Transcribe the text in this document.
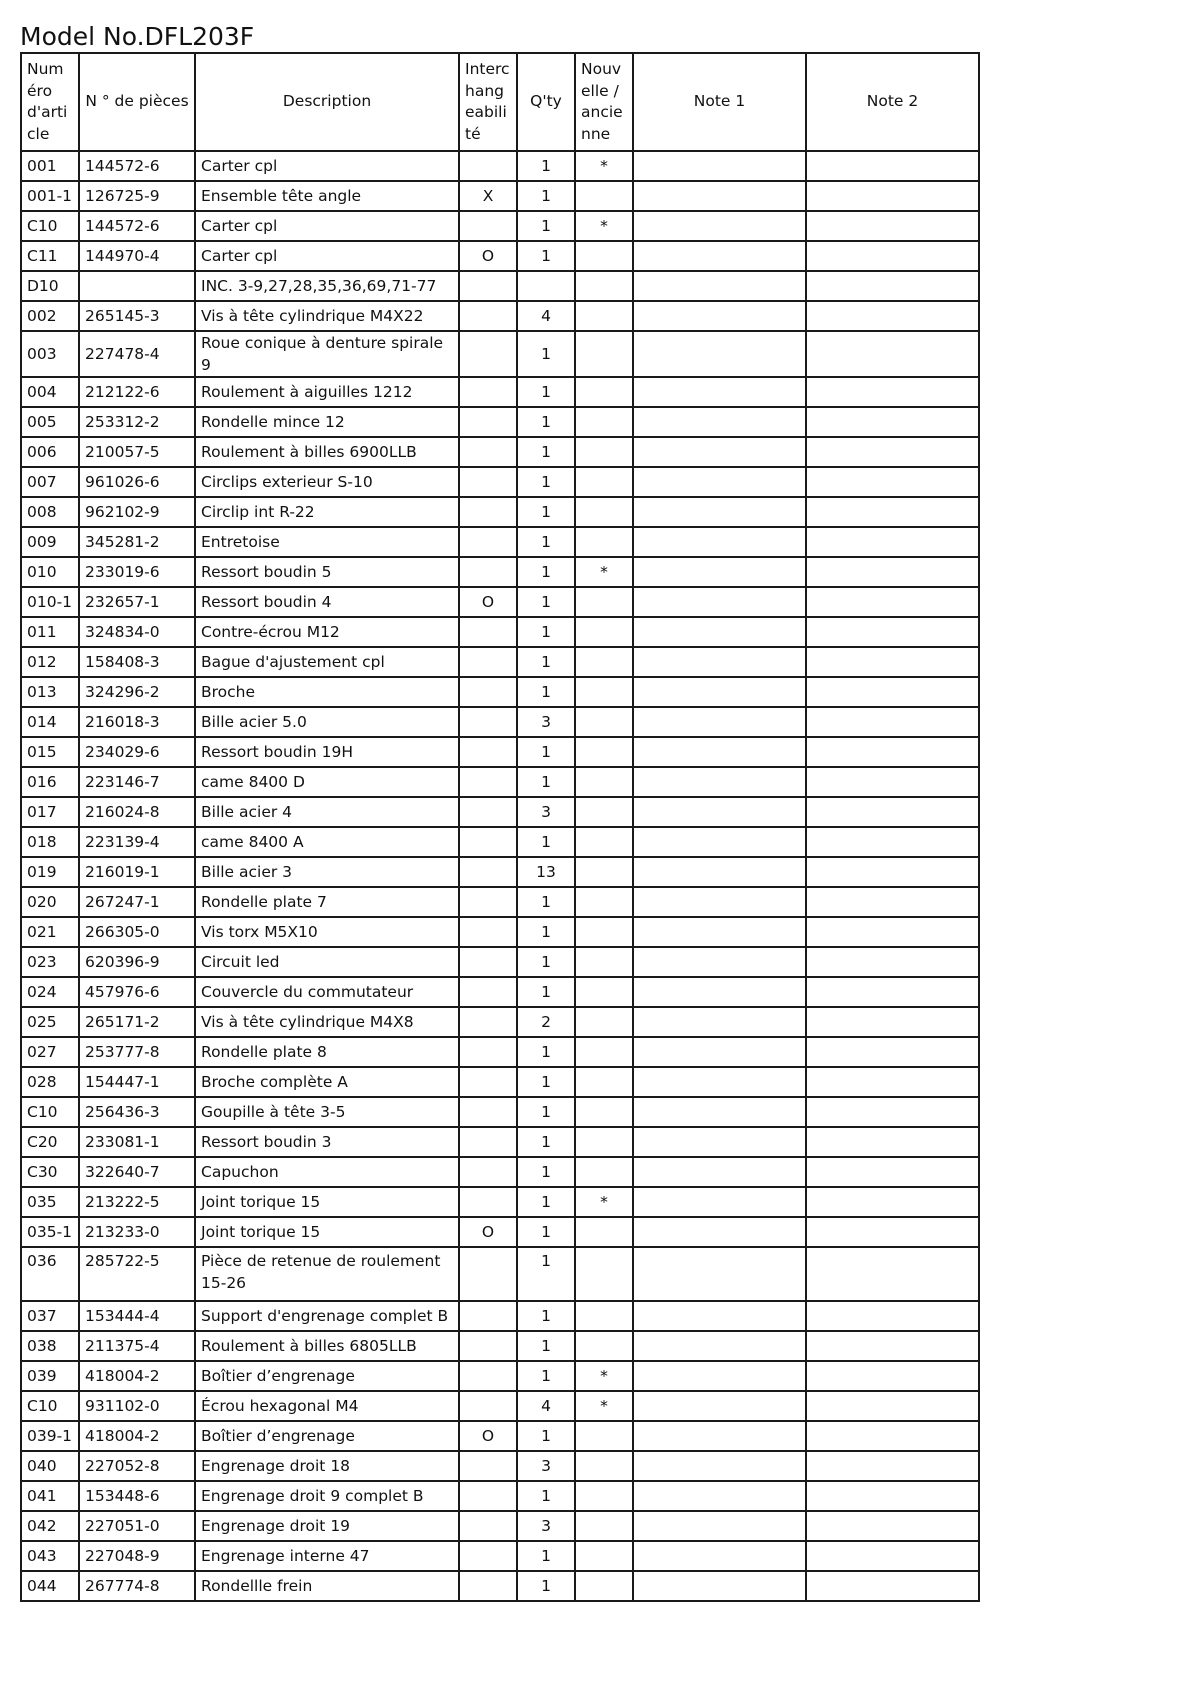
Model No.DFL203F
Numéro d'article	N ° de pièces	Description	Interchangeabilité	Q'ty	Nouvelle / ancienne	Note 1	Note 2
001	144572-6	Carter cpl		1	*		
001-1	126725-9	Ensemble tête angle	X	1			
C10	144572-6	Carter cpl		1	*		
C11	144970-4	Carter cpl	O	1			
D10		INC. 3-9,27,28,35,36,69,71-77					
002	265145-3	Vis à tête cylindrique M4X22		4			
003	227478-4	Roue conique à denture spirale 9		1			
004	212122-6	Roulement à aiguilles 1212		1			
005	253312-2	Rondelle mince 12		1			
006	210057-5	Roulement à billes 6900LLB		1			
007	961026-6	Circlips exterieur S-10		1			
008	962102-9	Circlip int R-22		1			
009	345281-2	Entretoise		1			
010	233019-6	Ressort boudin 5		1	*		
010-1	232657-1	Ressort boudin 4	O	1			
011	324834-0	Contre-écrou M12		1			
012	158408-3	Bague d'ajustement cpl		1			
013	324296-2	Broche		1			
014	216018-3	Bille acier 5.0		3			
015	234029-6	Ressort boudin 19H		1			
016	223146-7	came 8400 D		1			
017	216024-8	Bille acier 4		3			
018	223139-4	came 8400 A		1			
019	216019-1	Bille acier 3		13			
020	267247-1	Rondelle plate 7		1			
021	266305-0	Vis torx M5X10		1			
023	620396-9	Circuit led		1			
024	457976-6	Couvercle du commutateur		1			
025	265171-2	Vis à tête cylindrique M4X8		2			
027	253777-8	Rondelle plate 8		1			
028	154447-1	Broche complète A		1			
C10	256436-3	Goupille à tête 3-5		1			
C20	233081-1	Ressort boudin 3		1			
C30	322640-7	Capuchon		1			
035	213222-5	Joint torique 15		1	*		
035-1	213233-0	Joint torique 15	O	1			
036	285722-5	Pièce de retenue de roulement 15-26		1			
037	153444-4	Support d'engrenage complet B		1			
038	211375-4	Roulement à billes 6805LLB		1			
039	418004-2	Boîtier d’engrenage		1	*		
C10	931102-0	Écrou hexagonal M4		4	*		
039-1	418004-2	Boîtier d’engrenage	O	1			
040	227052-8	Engrenage droit 18		3			
041	153448-6	Engrenage droit 9 complet B		1			
042	227051-0	Engrenage droit 19		3			
043	227048-9	Engrenage interne 47		1			
044	267774-8	Rondellle frein		1			
